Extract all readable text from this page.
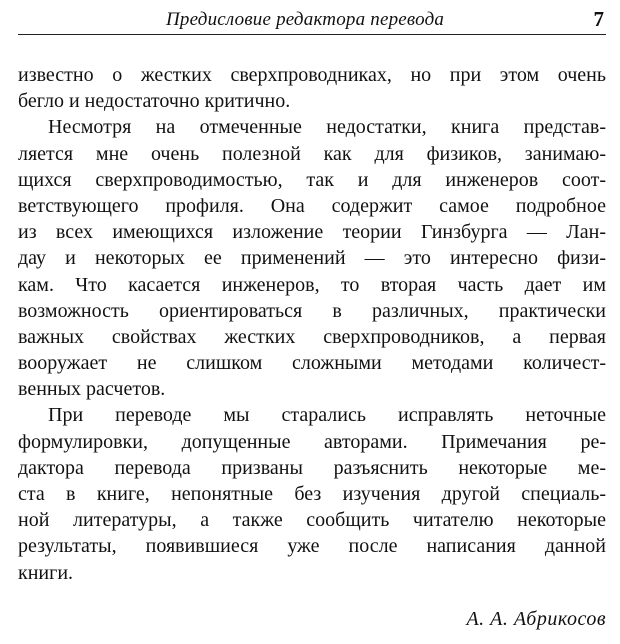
Предисловие редактора перевода	7
известно о жестких сверхпроводниках, но при этом очень
бегло и недостаточно критично.
Несмотря на отмеченные недостатки, книга представ-
ляется мне очень полезной как для физиков, занимаю-
щихся сверхпроводимостью, так и для инженеров соот-
ветствующего профиля. Она содержит самое подробное
из всех имеющихся изложение теории Гинзбурга — Лан-
дау и некоторых ее применений — это интересно физи-
кам. Что касается инженеров, то вторая часть дает им
возможность ориентироваться в различных, практически
важных свойствах жестких сверхпроводников, а первая
вооружает не слишком сложными методами количест-
венных расчетов.
При переводе мы старались исправлять неточные
формулировки, допущенные авторами. Примечания ре-
дактора перевода призваны разъяснить некоторые ме-
ста в книге, непонятные без изучения другой специаль-
ной литературы, а также сообщить читателю некоторые
результаты, появившиеся уже после написания данной
книги.
А. А. Абрикосов
